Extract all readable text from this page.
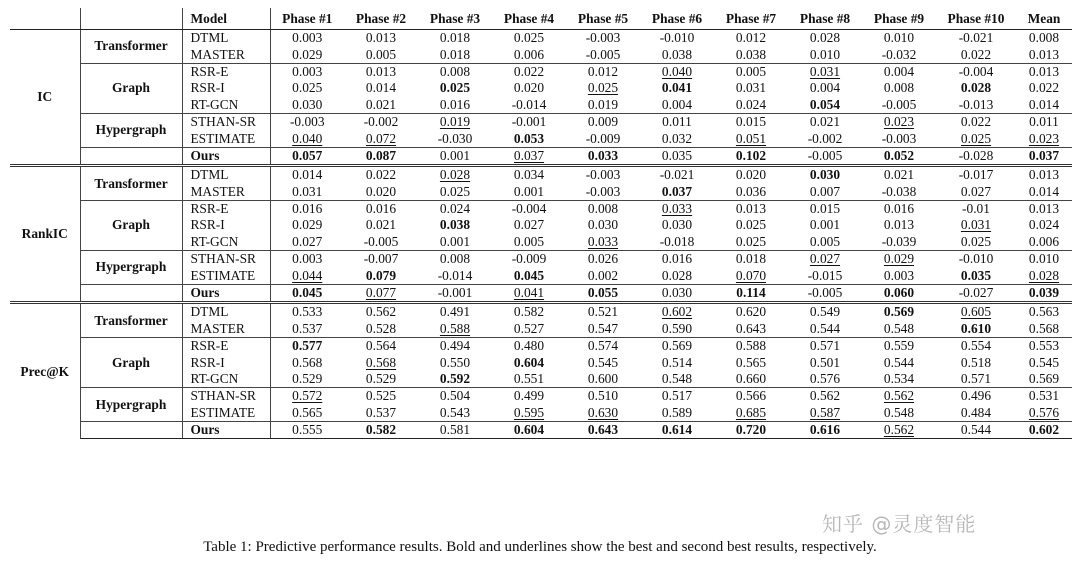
		Model	Phase #1	Phase #2	Phase #3	Phase #4	Phase #5	Phase #6	Phase #7	Phase #8	Phase #9	Phase #10	Mean
IC	Transformer	DTML	0.003	0.013	0.018	0.025	-0.003	-0.010	0.012	0.028	0.010	-0.021	0.008
		MASTER	0.029	0.005	0.018	0.006	-0.005	0.038	0.038	0.010	-0.032	0.022	0.013
	Graph	RSR-E	0.003	0.013	0.008	0.022	0.012	0.040	0.005	0.031	0.004	-0.004	0.013
		RSR-I	0.025	0.014	0.025	0.020	0.025	0.041	0.031	0.004	0.008	0.028	0.022
		RT-GCN	0.030	0.021	0.016	-0.014	0.019	0.004	0.024	0.054	-0.005	-0.013	0.014
	Hypergraph	STHAN-SR	-0.003	-0.002	0.019	-0.001	0.009	0.011	0.015	0.021	0.023	0.022	0.011
		ESTIMATE	0.040	0.072	-0.030	0.053	-0.009	0.032	0.051	-0.002	-0.003	0.025	0.023
		Ours	0.057	0.087	0.001	0.037	0.033	0.035	0.102	-0.005	0.052	-0.028	0.037
RankIC	Transformer	DTML	0.014	0.022	0.028	0.034	-0.003	-0.021	0.020	0.030	0.021	-0.017	0.013
		MASTER	0.031	0.020	0.025	0.001	-0.003	0.037	0.036	0.007	-0.038	0.027	0.014
	Graph	RSR-E	0.016	0.016	0.024	-0.004	0.008	0.033	0.013	0.015	0.016	-0.01	0.013
		RSR-I	0.029	0.021	0.038	0.027	0.030	0.030	0.025	0.001	0.013	0.031	0.024
		RT-GCN	0.027	-0.005	0.001	0.005	0.033	-0.018	0.025	0.005	-0.039	0.025	0.006
	Hypergraph	STHAN-SR	0.003	-0.007	0.008	-0.009	0.026	0.016	0.018	0.027	0.029	-0.010	0.010
		ESTIMATE	0.044	0.079	-0.014	0.045	0.002	0.028	0.070	-0.015	0.003	0.035	0.028
		Ours	0.045	0.077	-0.001	0.041	0.055	0.030	0.114	-0.005	0.060	-0.027	0.039
Prec@K	Transformer	DTML	0.533	0.562	0.491	0.582	0.521	0.602	0.620	0.549	0.569	0.605	0.563
		MASTER	0.537	0.528	0.588	0.527	0.547	0.590	0.643	0.544	0.548	0.610	0.568
	Graph	RSR-E	0.577	0.564	0.494	0.480	0.574	0.569	0.588	0.571	0.559	0.554	0.553
		RSR-I	0.568	0.568	0.550	0.604	0.545	0.514	0.565	0.501	0.544	0.518	0.545
		RT-GCN	0.529	0.529	0.592	0.551	0.600	0.548	0.660	0.576	0.534	0.571	0.569
	Hypergraph	STHAN-SR	0.572	0.525	0.504	0.499	0.510	0.517	0.566	0.562	0.562	0.496	0.531
		ESTIMATE	0.565	0.537	0.543	0.595	0.630	0.589	0.685	0.587	0.548	0.484	0.576
		Ours	0.555	0.582	0.581	0.604	0.643	0.614	0.720	0.616	0.562	0.544	0.602
Table 1: Predictive performance results. Bold and underlines show the best and second best results, respectively.
知乎 @灵度智能
